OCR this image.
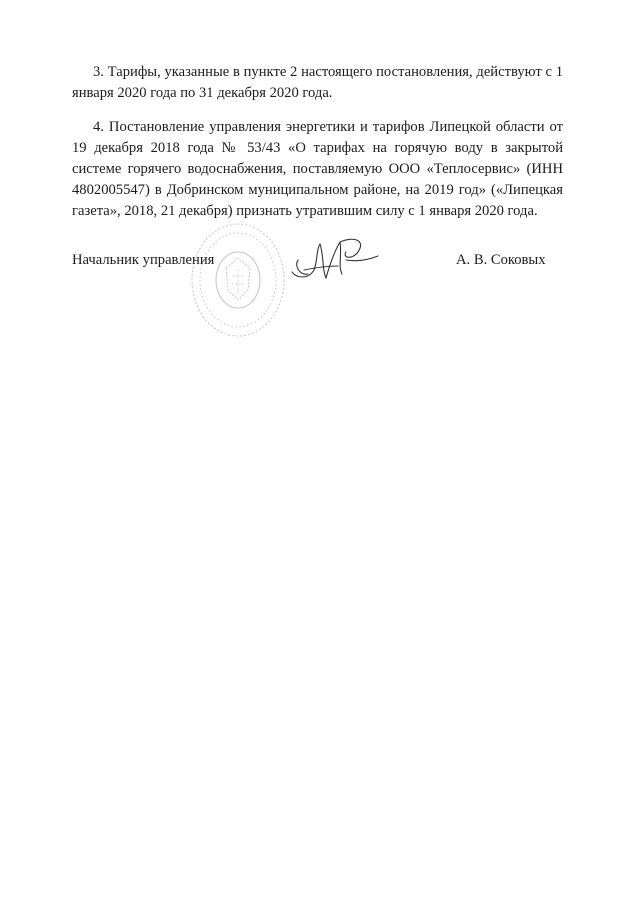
3. Тарифы, указанные в пункте 2 настоящего постановления, действуют с 1 января 2020 года по 31 декабря 2020 года.

4. Постановление управления энергетики и тарифов Липецкой области от 19 декабря 2018 года № 53/43 «О тарифах на горячую воду в закрытой системе горячего водоснабжения, поставляемую ООО «Теплосервис» (ИНН 4802005547) в Добринском муниципальном районе, на 2019 год» («Липецкая газета», 2018, 21 декабря) признать утратившим силу с 1 января 2020 года.

Начальник управления	А. В. Соковых
